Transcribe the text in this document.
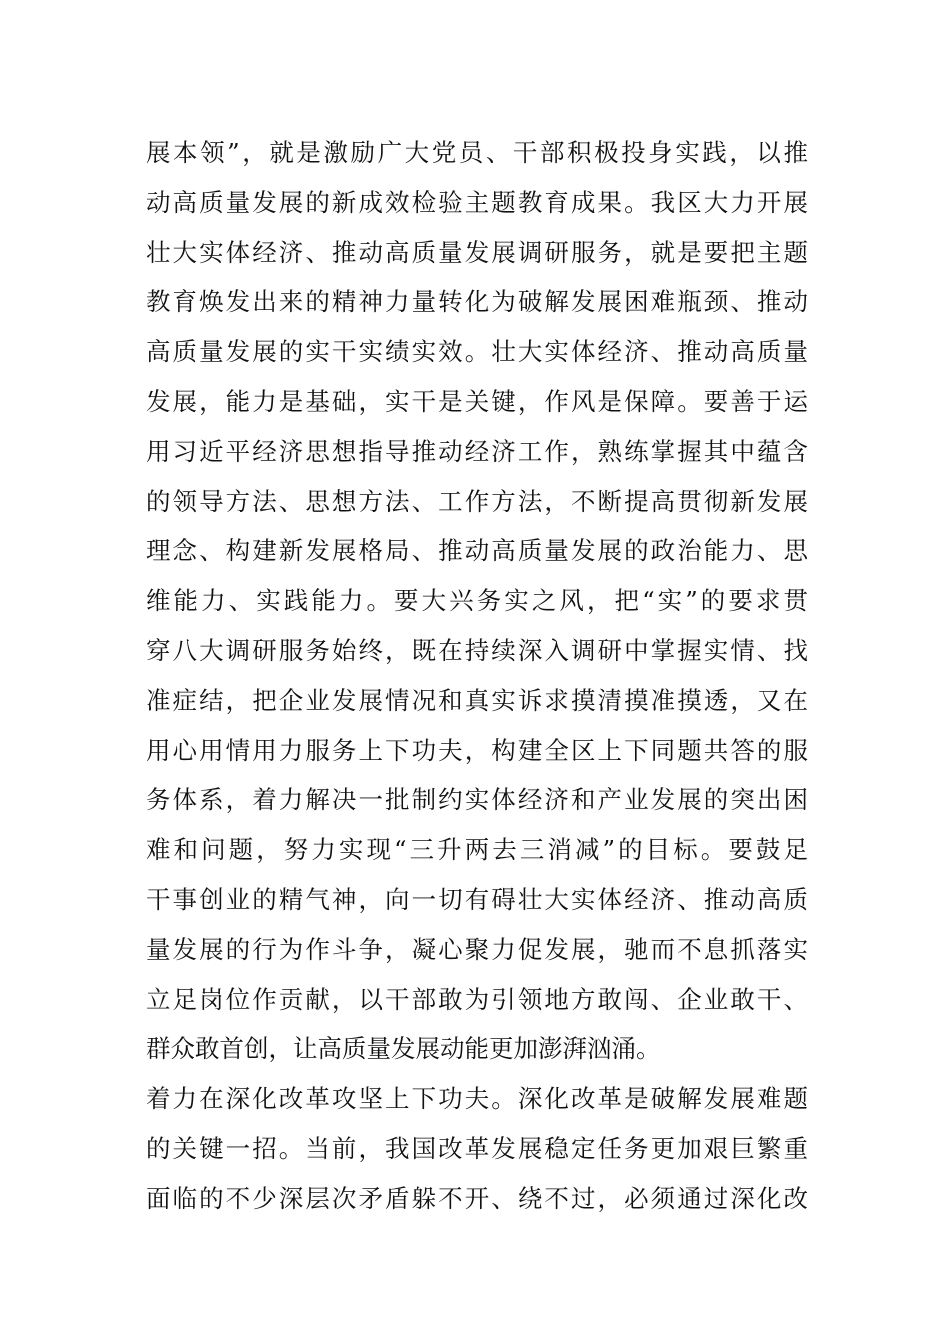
展本领”，就是激励广大党员、干部积极投身实践，以推
动高质量发展的新成效检验主题教育成果。我区大力开展
壮大实体经济、推动高质量发展调研服务，就是要把主题
教育焕发出来的精神力量转化为破解发展困难瓶颈、推动
高质量发展的实干实绩实效。壮大实体经济、推动高质量
发展，能力是基础，实干是关键，作风是保障。要善于运
用习近平经济思想指导推动经济工作，熟练掌握其中蕴含
的领导方法、思想方法、工作方法，不断提高贯彻新发展
理念、构建新发展格局、推动高质量发展的政治能力、思
维能力、实践能力。要大兴务实之风，把“实”的要求贯
穿八大调研服务始终，既在持续深入调研中掌握实情、找
准症结，把企业发展情况和真实诉求摸清摸准摸透，又在
用心用情用力服务上下功夫，构建全区上下同题共答的服
务体系，着力解决一批制约实体经济和产业发展的突出困
难和问题，努力实现“三升两去三消减”的目标。要鼓足
干事创业的精气神，向一切有碍壮大实体经济、推动高质
量发展的行为作斗争，凝心聚力促发展，驰而不息抓落实
立足岗位作贡献，以干部敢为引领地方敢闯、企业敢干、
群众敢首创，让高质量发展动能更加澎湃汹涌。
着力在深化改革攻坚上下功夫。深化改革是破解发展难题
的关键一招。当前，我国改革发展稳定任务更加艰巨繁重
面临的不少深层次矛盾躲不开、绕不过，必须通过深化改
